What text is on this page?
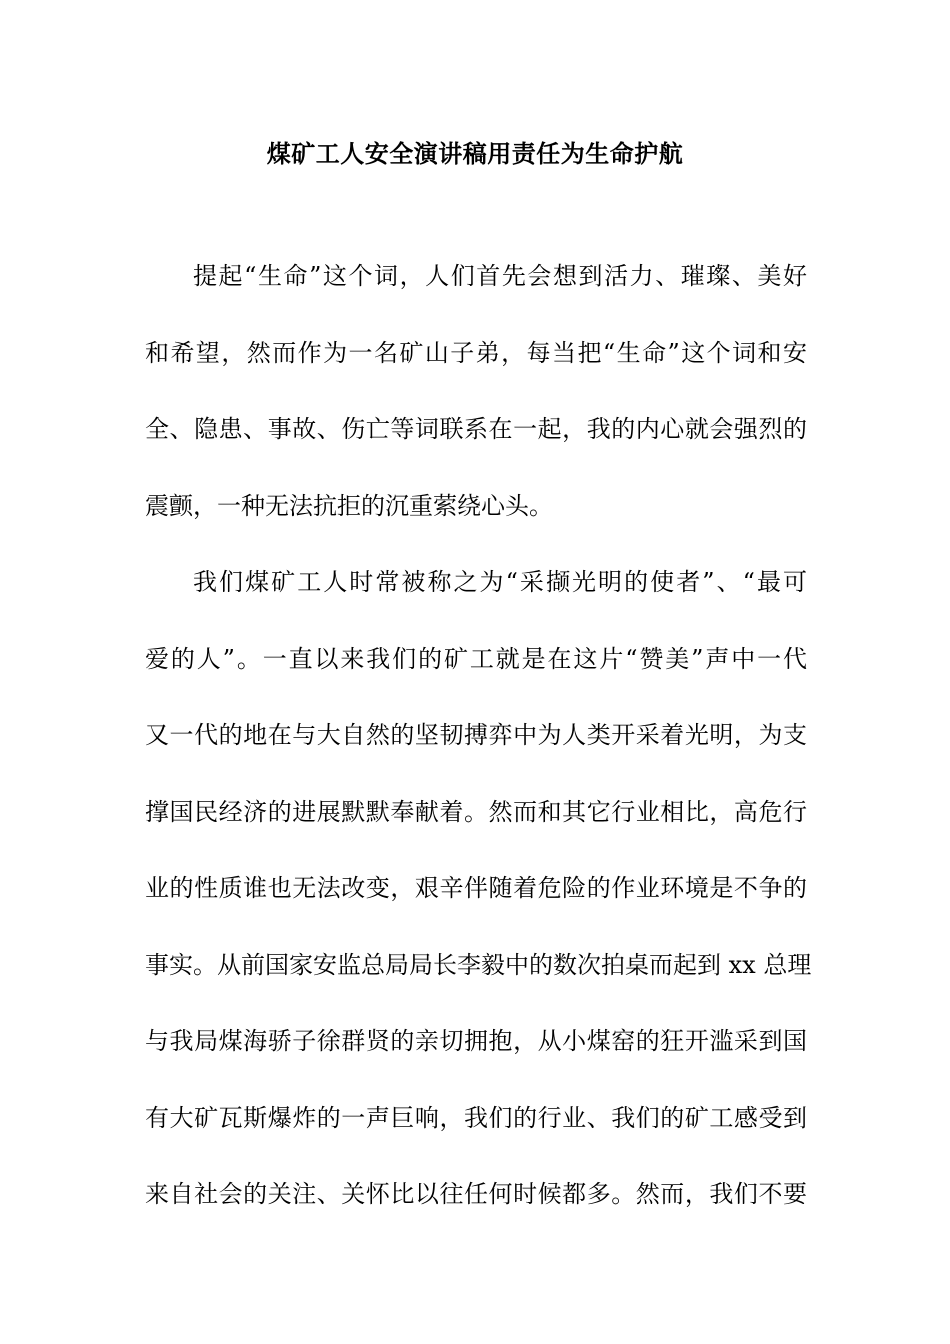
煤矿工人安全演讲稿用责任为生命护航
提起“生命”这个词，人们首先会想到活力、璀璨、美好
和希望，然而作为一名矿山子弟，每当把“生命”这个词和安
全、隐患、事故、伤亡等词联系在一起，我的内心就会强烈的
震颤，一种无法抗拒的沉重萦绕心头。
我们煤矿工人时常被称之为“采撷光明的使者”、“最可
爱的人”。一直以来我们的矿工就是在这片“赞美”声中一代
又一代的地在与大自然的坚韧搏弈中为人类开采着光明，为支
撑国民经济的进展默默奉献着。然而和其它行业相比，高危行
业的性质谁也无法改变，艰辛伴随着危险的作业环境是不争的
事实。从前国家安监总局局长李毅中的数次拍桌而起到 xx 总理
与我局煤海骄子徐群贤的亲切拥抱，从小煤窑的狂开滥采到国
有大矿瓦斯爆炸的一声巨响，我们的行业、我们的矿工感受到
来自社会的关注、关怀比以往任何时候都多。然而，我们不要
